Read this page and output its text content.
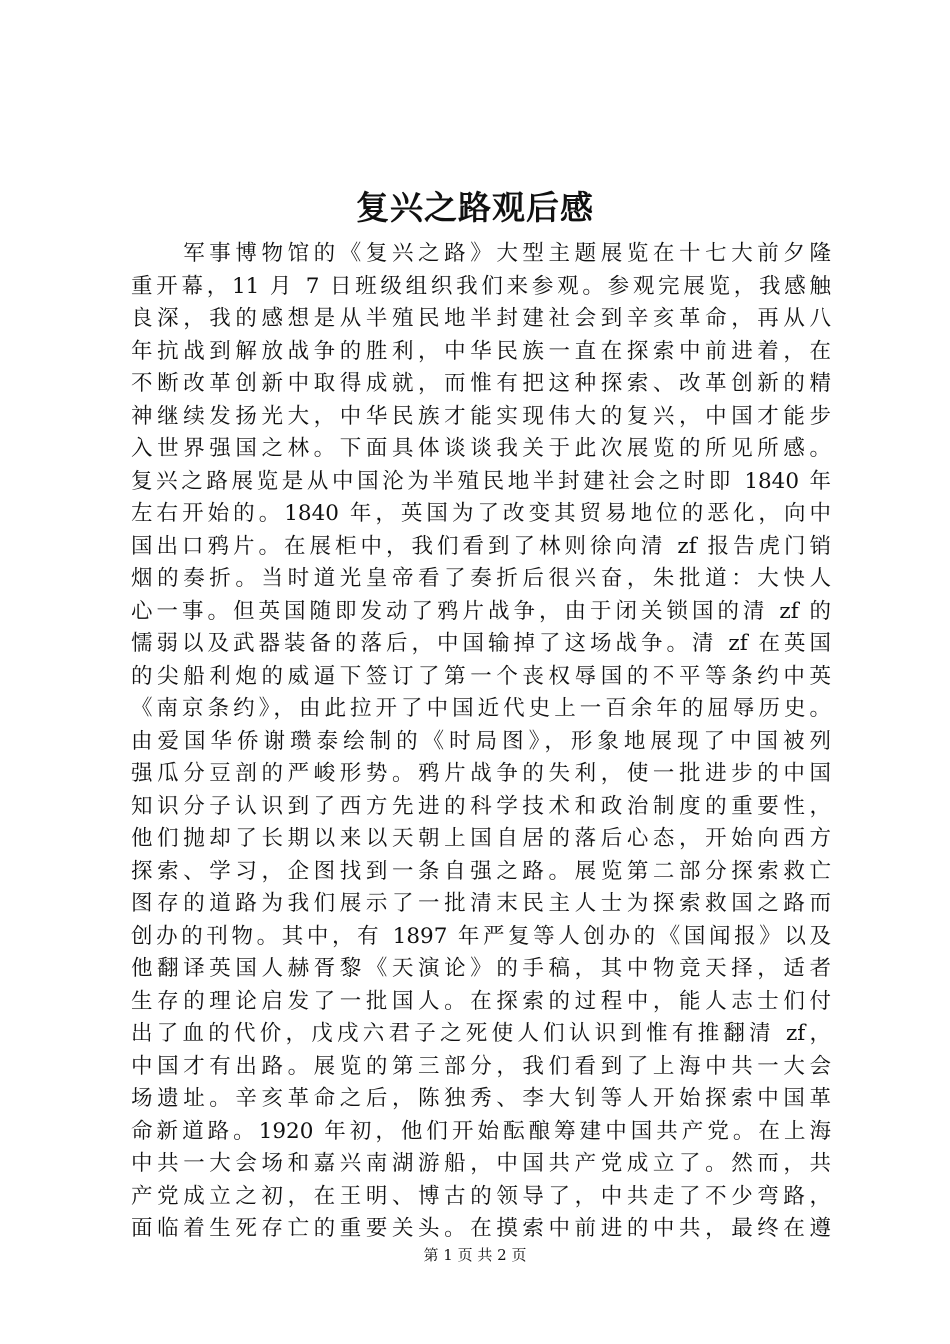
复兴之路观后感
　　军事博物馆的《复兴之路》大型主题展览在十七大前夕隆
重开幕，11 月 7 日班级组织我们来参观。参观完展览，我感触
良深，我的感想是从半殖民地半封建社会到辛亥革命，再从八
年抗战到解放战争的胜利，中华民族一直在探索中前进着，在
不断改革创新中取得成就，而惟有把这种探索、改革创新的精
神继续发扬光大，中华民族才能实现伟大的复兴，中国才能步
入世界强国之林。下面具体谈谈我关于此次展览的所见所感。
复兴之路展览是从中国沦为半殖民地半封建社会之时即 1840 年
左右开始的。1840 年，英国为了改变其贸易地位的恶化，向中
国出口鸦片。在展柜中，我们看到了林则徐向清 zf 报告虎门销
烟的奏折。当时道光皇帝看了奏折后很兴奋，朱批道：大快人
心一事。但英国随即发动了鸦片战争，由于闭关锁国的清 zf 的
懦弱以及武器装备的落后，中国输掉了这场战争。清 zf 在英国
的尖船利炮的威逼下签订了第一个丧权辱国的不平等条约中英
《南京条约》，由此拉开了中国近代史上一百余年的屈辱历史。
由爱国华侨谢瓒泰绘制的《时局图》，形象地展现了中国被列
强瓜分豆剖的严峻形势。鸦片战争的失利，使一批进步的中国
知识分子认识到了西方先进的科学技术和政治制度的重要性，
他们抛却了长期以来以天朝上国自居的落后心态，开始向西方
探索、学习，企图找到一条自强之路。展览第二部分探索救亡
图存的道路为我们展示了一批清末民主人士为探索救国之路而
创办的刊物。其中，有 1897 年严复等人创办的《国闻报》以及
他翻译英国人赫胥黎《天演论》的手稿，其中物竞天择，适者
生存的理论启发了一批国人。在探索的过程中，能人志士们付
出了血的代价，戊戌六君子之死使人们认识到惟有推翻清 zf，
中国才有出路。展览的第三部分，我们看到了上海中共一大会
场遗址。辛亥革命之后，陈独秀、李大钊等人开始探索中国革
命新道路。1920 年初，他们开始酝酿筹建中国共产党。在上海
中共一大会场和嘉兴南湖游船，中国共产党成立了。然而，共
产党成立之初，在王明、博古的领导了，中共走了不少弯路，
面临着生死存亡的重要关头。在摸索中前进的中共，最终在遵
第 1 页 共 2 页
